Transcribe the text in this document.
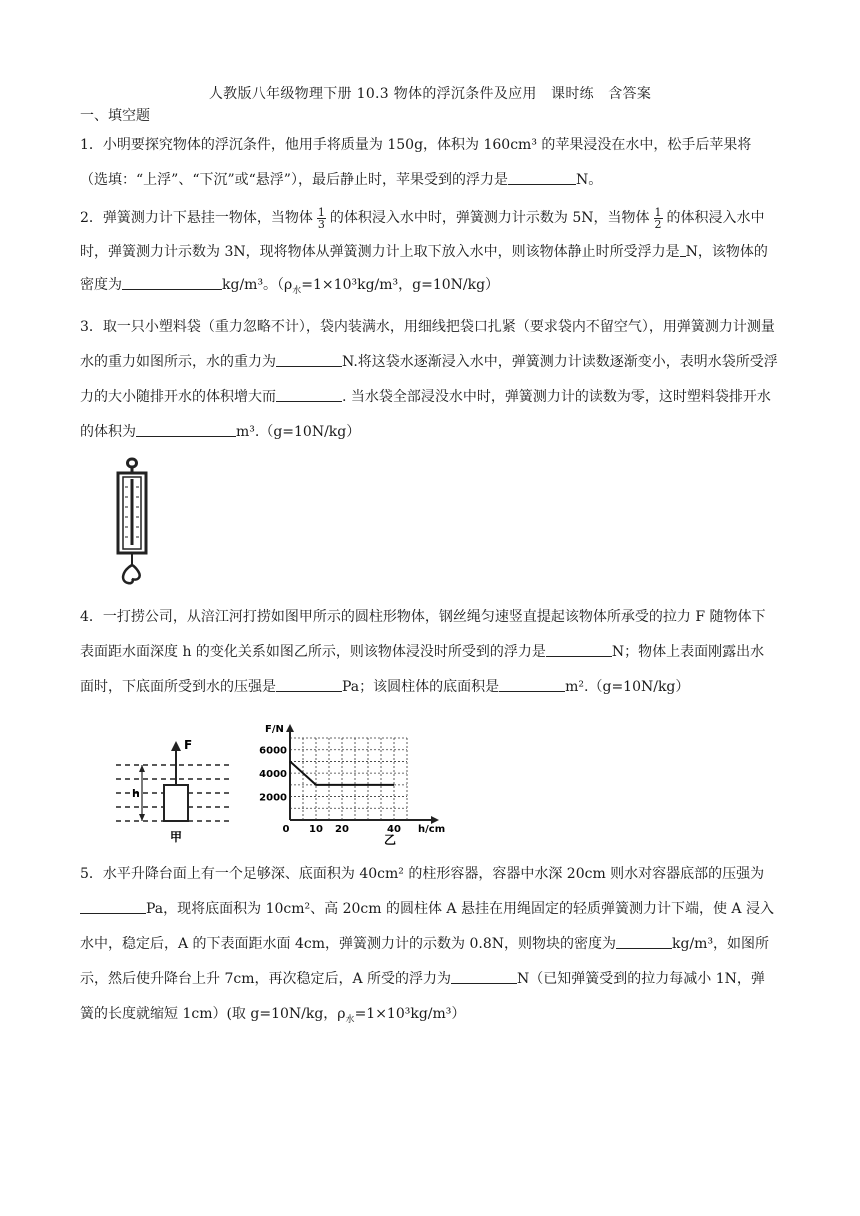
人教版八年级物理下册 10.3 物体的浮沉条件及应用　课时练　含答案
一、填空题

1．小明要探究物体的浮沉条件，他用手将质量为 150g，体积为 160cm³ 的苹果浸没在水中，松手后苹果将（选填：“上浮”、“下沉”或“悬浮”），最后静止时，苹果受到的浮力是	N。

2．弹簧测力计下悬挂一物体，当物体 $\frac{1}{3}$ 的体积浸入水中时，弹簧测力计示数为 5N，当物体 $\frac{1}{2}$ 的体积浸入水中时，弹簧测力计示数为 3N，现将物体从弹簧测力计上取下放入水中，则该物体静止时所受浮力是 N，该物体的密度为	kg/m³。（$\rho_水=1\times 10^3kg/m^3$，g=10N/kg）

3．取一只小塑料袋（重力忽略不计），袋内装满水，用细线把袋口扎紧（要求袋内不留空气），用弹簧测力计测量水的重力如图所示，水的重力为	N.将这袋水逐渐浸入水中，弹簧测力计读数逐渐变小，表明水袋所受浮力的大小随排开水的体积增大而	. 当水袋全部浸没水中时，弹簧测力计的读数为零，这时塑料袋排开水的体积为	m³.（g=10N/kg）

4．一打捞公司，从涪江河打捞如图甲所示的圆柱形物体，钢丝绳匀速竖直提起该物体所承受的拉力 F 随物体下表面距水面深度 h 的变化关系如图乙所示，则该物体浸没时所受到的浮力是	N；物体上表面刚露出水面时，下底面所受到水的压强是	Pa；该圆柱体的底面积是	m².（g=10N/kg）

F
h
甲
6000
4000
2000
0 10 20	40
F/N
h/cm
乙

5．水平升降台面上有一个足够深、底面积为 40cm² 的柱形容器，容器中水深 20cm 则水对容器底部的压强为Pa，现将底面积为 10cm²、高 20cm 的圆柱体 A 悬挂在用绳固定的轻质弹簧测力计下端，使 A 浸入水中，稳定后，A 的下表面距水面 4cm，弹簧测力计的示数为 0.8N，则物块的密度为	kg/m³，如图所示，然后使升降台上升 7cm，再次稳定后，A 所受的浮力为	N（已知弹簧受到的拉力每减小 1N，弹簧的长度就缩短 1cm）(取 g=10N/kg，$\rho_水=1\times 10^3kg/m^3$）
